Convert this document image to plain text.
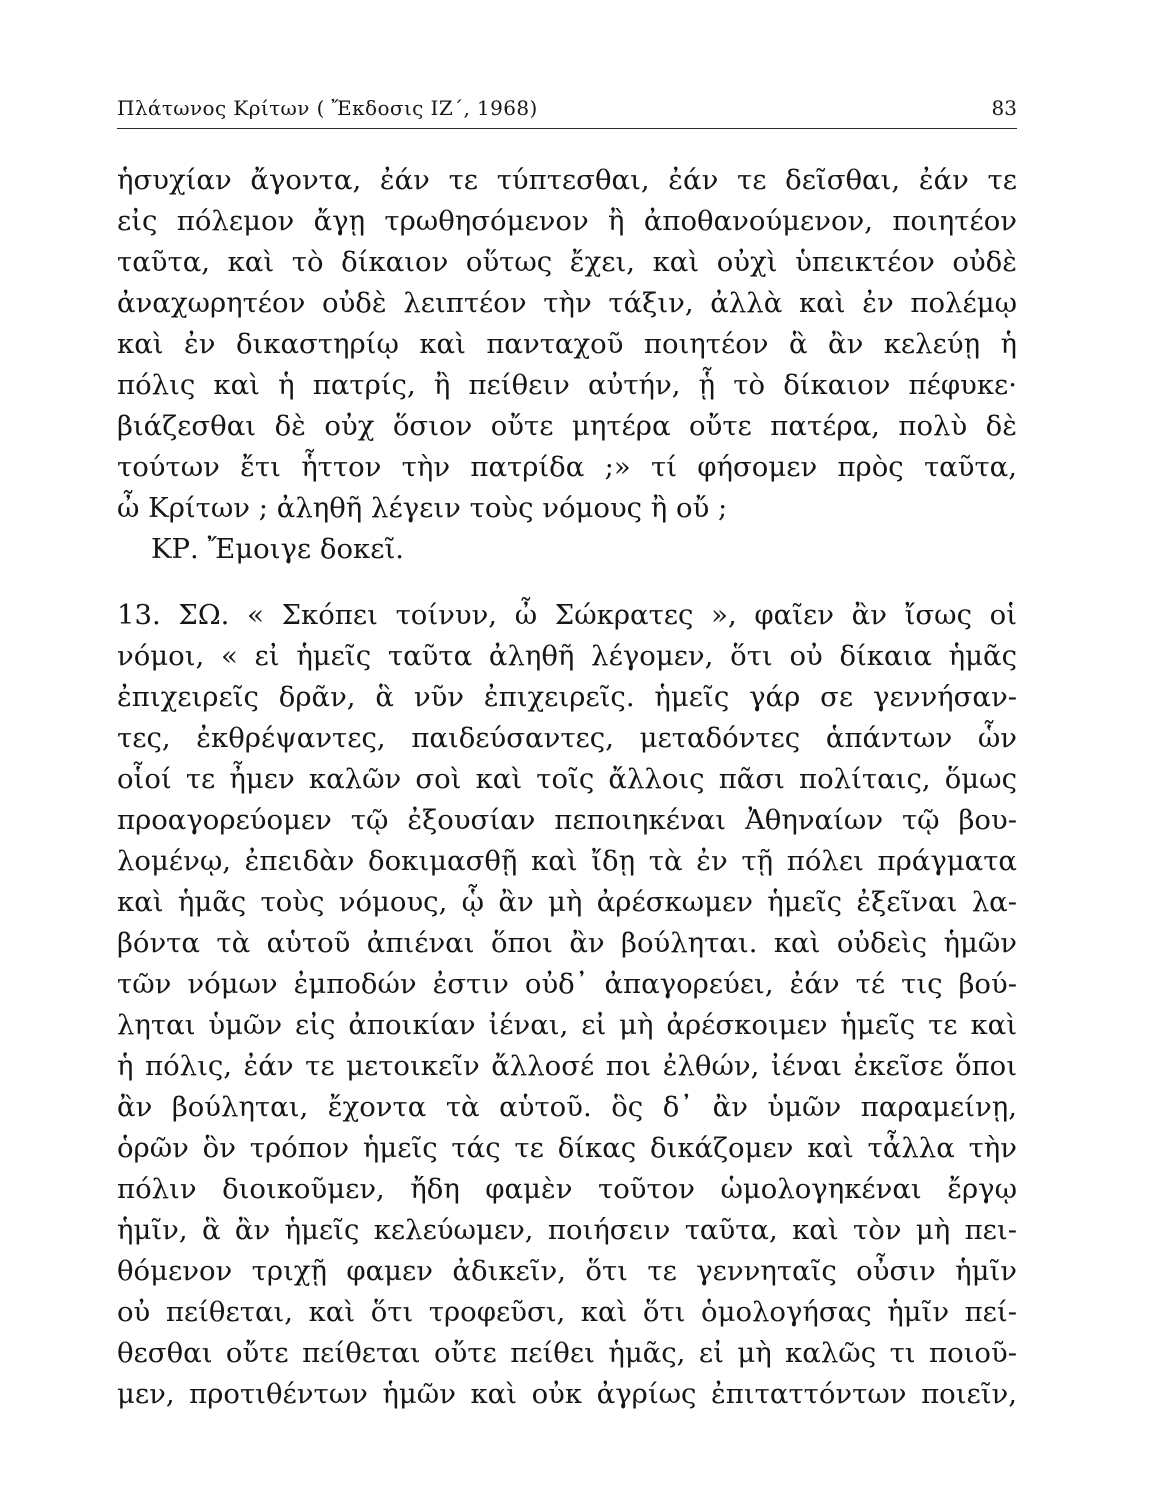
Πλάτωνος Κρίτων ( Ἔκδοσις ΙΖ΄, 1968)	83
ἡσυχίαν ἄγοντα, ἐάν τε τύπτεσθαι, ἐάν τε δεῖσθαι, ἐάν τε
εἰς πόλεμον ἄγῃ τρωθησόμενον ἢ ἀποθανούμενον, ποιητέον
ταῦτα, καὶ τὸ δίκαιον οὕτως ἔχει, καὶ οὐχὶ ὑπεικτέον οὐδὲ
ἀναχωρητέον οὐδὲ λειπτέον τὴν τάξιν, ἀλλὰ καὶ ἐν πολέμῳ
καὶ ἐν δικαστηρίῳ καὶ πανταχοῦ ποιητέον ἃ ἂν κελεύῃ ἡ
πόλις καὶ ἡ πατρίς, ἢ πείθειν αὐτήν, ᾗ τὸ δίκαιον πέφυκε·
βιάζεσθαι δὲ οὐχ ὅσιον οὔτε μητέρα οὔτε πατέρα, πολὺ δὲ
τούτων ἔτι ἧττον τὴν πατρίδα ;» τί φήσομεν πρὸς ταῦτα,
ὦ Κρίτων ; ἀληθῆ λέγειν τοὺς νόμους ἢ οὔ ;
ΚΡ. Ἔμοιγε δοκεῖ.
13. ΣΩ. « Σκόπει τοίνυν, ὦ Σώκρατες », φαῖεν ἂν ἴσως οἱ
νόμοι, « εἰ ἡμεῖς ταῦτα ἀληθῆ λέγομεν, ὅτι οὐ δίκαια ἡμᾶς
ἐπιχειρεῖς δρᾶν, ἃ νῦν ἐπιχειρεῖς. ἡμεῖς γάρ σε γεννήσαν-
τες, ἐκθρέψαντες, παιδεύσαντες, μεταδόντες ἁπάντων ὧν
οἷοί τε ἦμεν καλῶν σοὶ καὶ τοῖς ἄλλοις πᾶσι πολίταις, ὅμως
προαγορεύομεν τῷ ἐξουσίαν πεποιηκέναι Ἀθηναίων τῷ βου-
λομένῳ, ἐπειδὰν δοκιμασθῇ καὶ ἴδῃ τὰ ἐν τῇ πόλει πράγματα
καὶ ἡμᾶς τοὺς νόμους, ᾧ ἂν μὴ ἀρέσκωμεν ἡμεῖς ἐξεῖναι λα-
βόντα τὰ αὑτοῦ ἀπιέναι ὅποι ἂν βούληται. καὶ οὐδεὶς ἡμῶν
τῶν νόμων ἐμποδών ἐστιν οὐδ᾽ ἀπαγορεύει, ἐάν τέ τις βού-
ληται ὑμῶν εἰς ἀποικίαν ἰέναι, εἰ μὴ ἀρέσκοιμεν ἡμεῖς τε καὶ
ἡ πόλις, ἐάν τε μετοικεῖν ἄλλοσέ ποι ἐλθών, ἰέναι ἐκεῖσε ὅποι
ἂν βούληται, ἔχοντα τὰ αὑτοῦ. ὃς δ᾽ ἂν ὑμῶν παραμείνῃ,
ὁρῶν ὃν τρόπον ἡμεῖς τάς τε δίκας δικάζομεν καὶ τἆλλα τὴν
πόλιν διοικοῦμεν, ἤδη φαμὲν τοῦτον ὡμολογηκέναι ἔργῳ
ἡμῖν, ἃ ἂν ἡμεῖς κελεύωμεν, ποιήσειν ταῦτα, καὶ τὸν μὴ πει-
θόμενον τριχῇ φαμεν ἀδικεῖν, ὅτι τε γεννηταῖς οὖσιν ἡμῖν
οὐ πείθεται, καὶ ὅτι τροφεῦσι, καὶ ὅτι ὁμολογήσας ἡμῖν πεί-
θεσθαι οὔτε πείθεται οὔτε πείθει ἡμᾶς, εἰ μὴ καλῶς τι ποιοῦ-
μεν, προτιθέντων ἡμῶν καὶ οὐκ ἀγρίως ἐπιταττόντων ποιεῖν,
